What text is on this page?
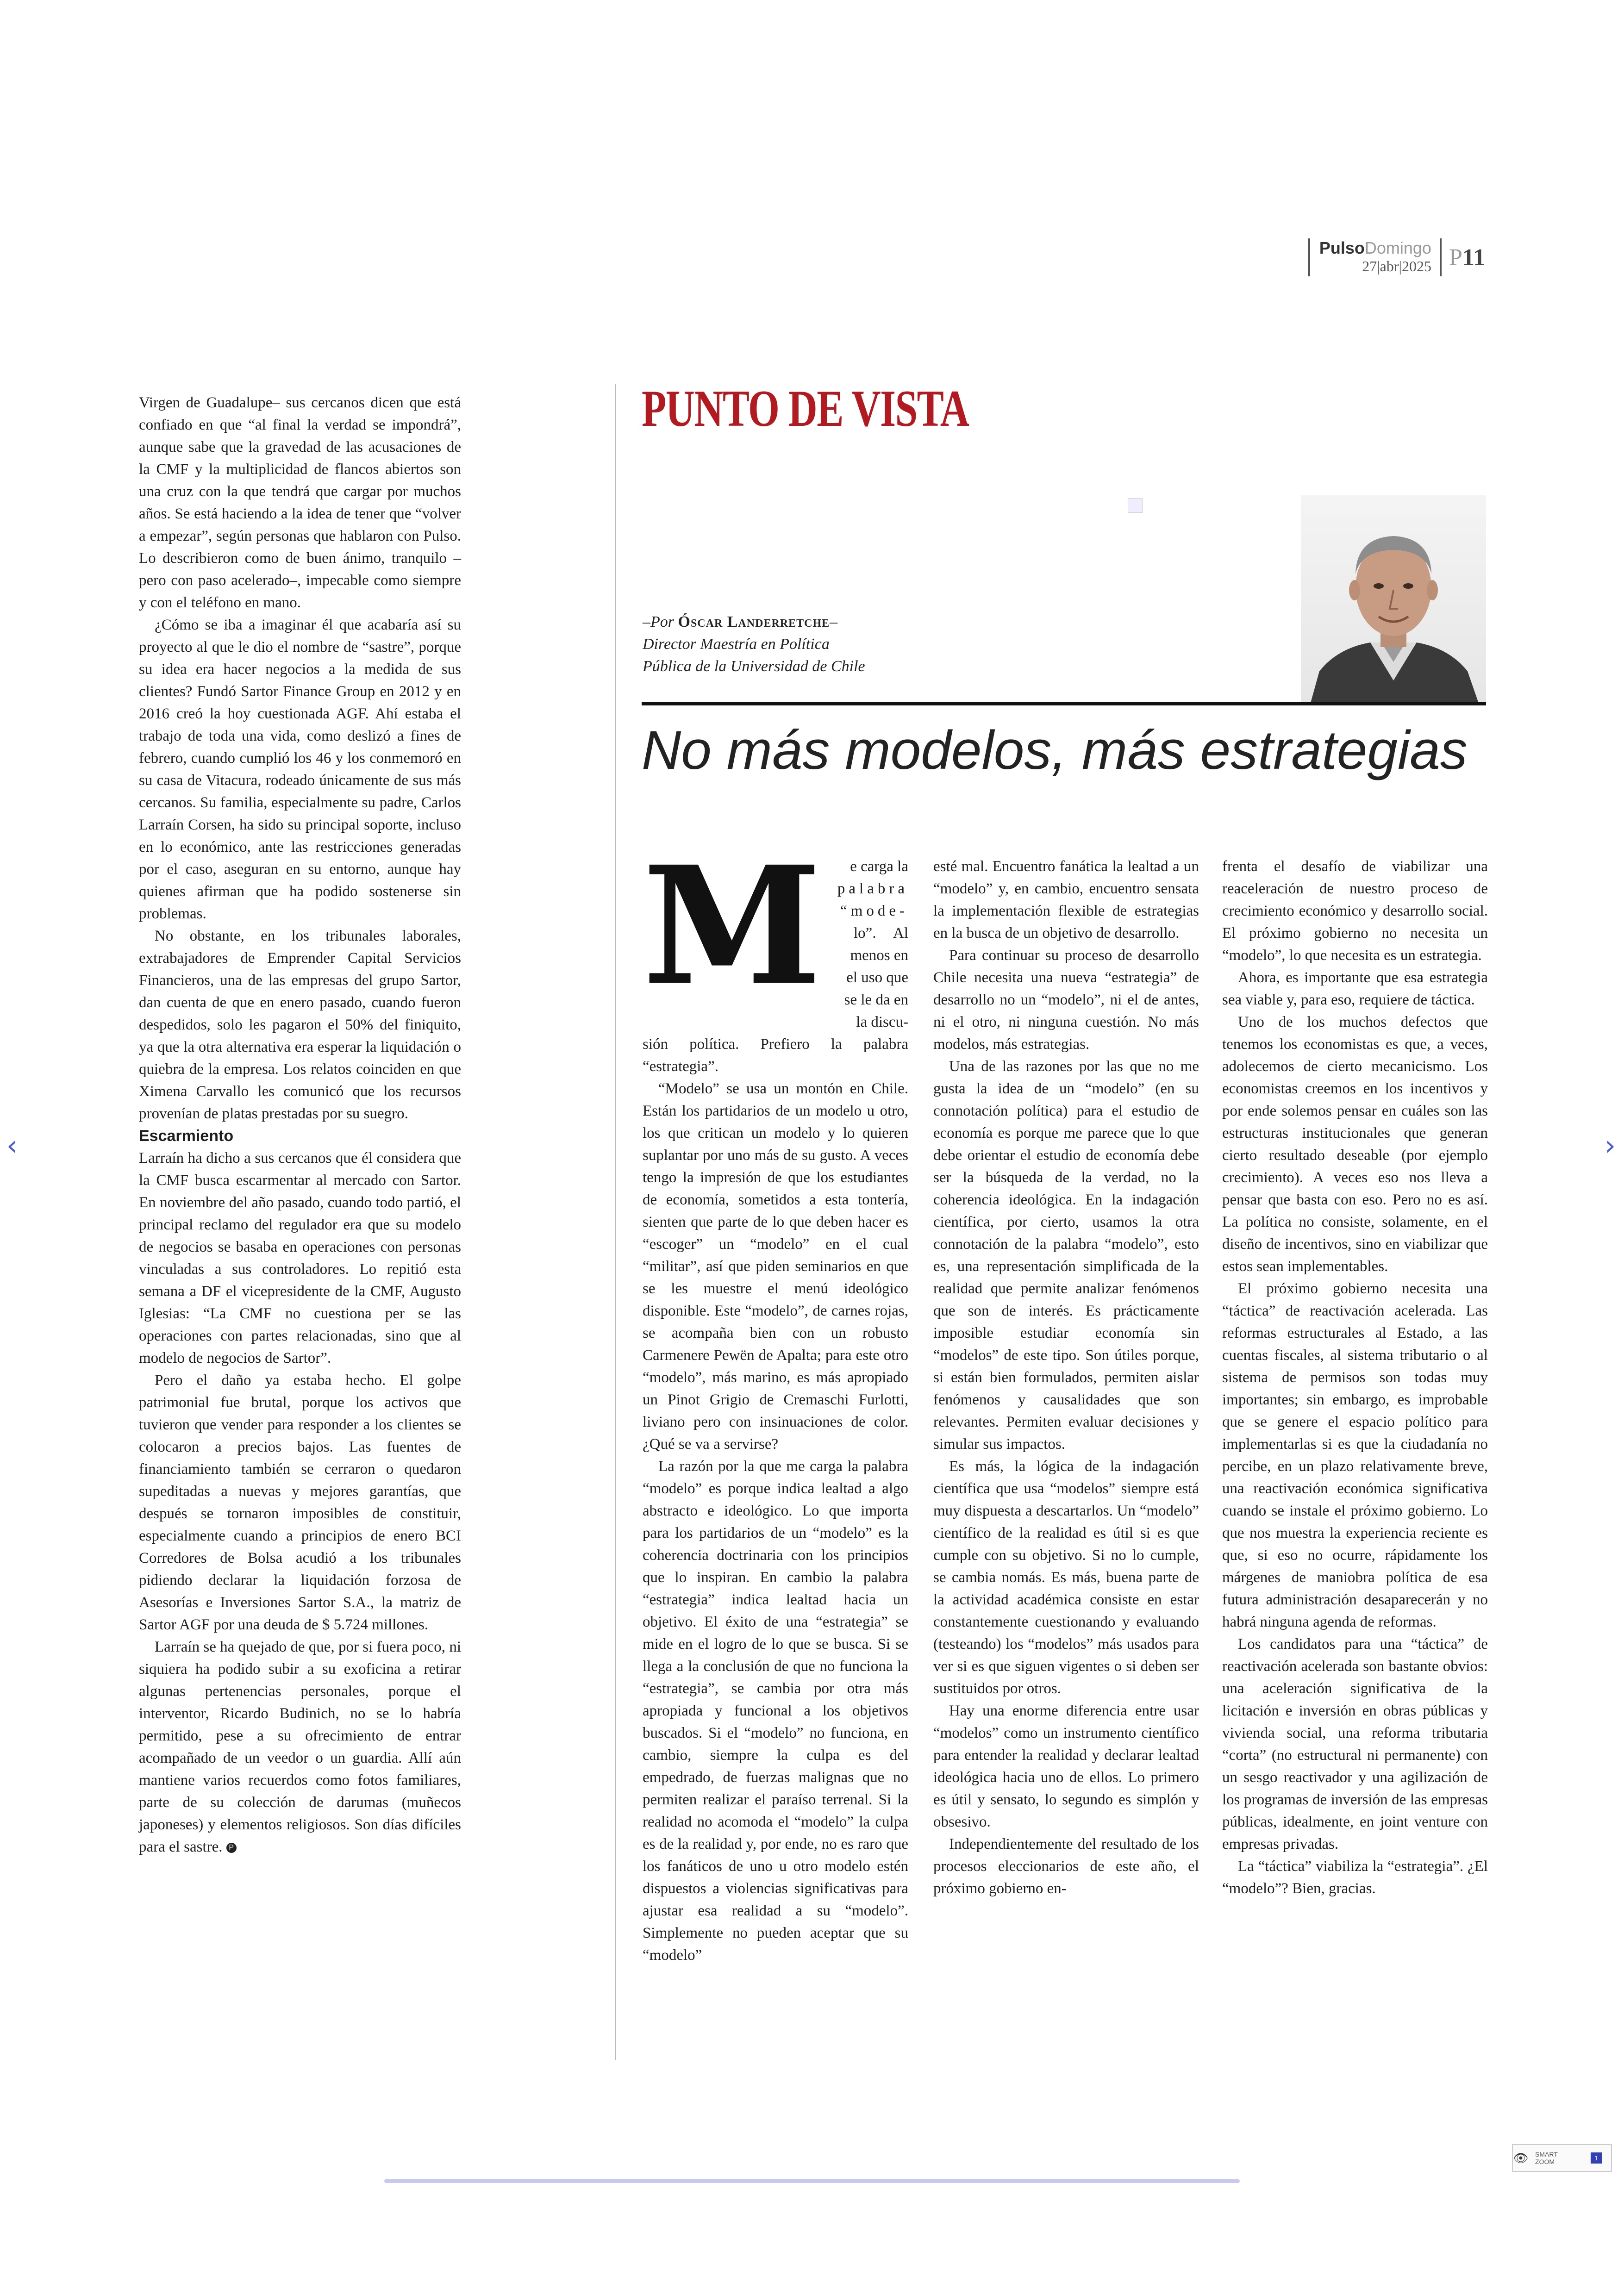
PulsoDomingo
27|abr|2025 P11

Virgen de Guadalupe– sus cercanos dicen que está confiado en que “al final la verdad se impondrá”, aunque sabe que la gravedad de las acusaciones de la CMF y la multiplicidad de flancos abiertos son una cruz con la que tendrá que cargar por muchos años. Se está haciendo a la idea de tener que “volver a empezar”, según personas que hablaron con Pulso. Lo describieron como de buen ánimo, tranquilo –pero con paso acelerado–, impecable como siempre y con el teléfono en mano.

¿Cómo se iba a imaginar él que acabaría así su proyecto al que le dio el nombre de “sastre”, porque su idea era hacer negocios a la medida de sus clientes? Fundó Sartor Finance Group en 2012 y en 2016 creó la hoy cuestionada AGF. Ahí estaba el trabajo de toda una vida, como deslizó a fines de febrero, cuando cumplió los 46 y los conmemoró en su casa de Vitacura, rodeado únicamente de sus más cercanos. Su familia, especialmente su padre, Carlos Larraín Corsen, ha sido su principal soporte, incluso en lo económico, ante las restricciones generadas por el caso, aseguran en su entorno, aunque hay quienes afirman que ha podido sostenerse sin problemas.

No obstante, en los tribunales laborales, extrabajadores de Emprender Capital Servicios Financieros, una de las empresas del grupo Sartor, dan cuenta de que en enero pasado, cuando fueron despedidos, solo les pagaron el 50% del finiquito, ya que la otra alternativa era esperar la liquidación o quiebra de la empresa. Los relatos coinciden en que Ximena Carvallo les comunicó que los recursos provenían de platas prestadas por su suegro.

Escarmiento

Larraín ha dicho a sus cercanos que él considera que la CMF busca escarmentar al mercado con Sartor. En noviembre del año pasado, cuando todo partió, el principal reclamo del regulador era que su modelo de negocios se basaba en operaciones con personas vinculadas a sus controladores. Lo repitió esta semana a DF el vicepresidente de la CMF, Augusto Iglesias: “La CMF no cuestiona per se las operaciones con partes relacionadas, sino que al modelo de negocios de Sartor”.

Pero el daño ya estaba hecho. El golpe patrimonial fue brutal, porque los activos que tuvieron que vender para responder a los clientes se colocaron a precios bajos. Las fuentes de financiamiento también se cerraron o quedaron supeditadas a nuevas y mejores garantías, que después se tornaron imposibles de constituir, especialmente cuando a principios de enero BCI Corredores de Bolsa acudió a los tribunales pidiendo declarar la liquidación forzosa de Asesorías e Inversiones Sartor S.A., la matriz de Sartor AGF por una deuda de $ 5.724 millones.

Larraín se ha quejado de que, por si fuera poco, ni siquiera ha podido subir a su exoficina a retirar algunas pertenencias personales, porque el interventor, Ricardo Budinich, no se lo habría permitido, pese a su ofrecimiento de entrar acompañado de un veedor o un guardia. Allí aún mantiene varios recuerdos como fotos familiares, parte de su colección de darumas (muñecos japoneses) y elementos religiosos. Son días difíciles para el sastre. P

PUNTO DE VISTA
–Por Óscar Landerretche–
Director Maestría en Política
Pública de la Universidad de Chile
No más modelos, más estrategias

M	e carga la
palabra
“mode-
lo”. Al
menos en
el uso que
se le da en
la discu-
sión política. Prefiero la palabra “estrategia”.

“Modelo” se usa un montón en Chile. Están los partidarios de un modelo u otro, los que critican un modelo y lo quieren suplantar por uno más de su gusto. A veces tengo la impresión de que los estudiantes de economía, sometidos a esta tontería, sienten que parte de lo que deben hacer es “escoger” un “modelo” en el cual “militar”, así que piden seminarios en que se les muestre el menú ideológico disponible. Este “modelo”, de carnes rojas, se acompaña bien con un robusto Carmenere Pewën de Apalta; para este otro “modelo”, más marino, es más apropiado un Pinot Grigio de Cremaschi Furlotti, liviano pero con insinuaciones de color. ¿Qué se va a servirse?

La razón por la que me carga la palabra “modelo” es porque indica lealtad a algo abstracto e ideológico. Lo que importa para los partidarios de un “modelo” es la coherencia doctrinaria con los principios que lo inspiran. En cambio la palabra “estrategia” indica lealtad hacia un objetivo. El éxito de una “estrategia” se mide en el logro de lo que se busca. Si se llega a la conclusión de que no funciona la “estrategia”, se cambia por otra más apropiada y funcional a los objetivos buscados. Si el “modelo” no funciona, en cambio, siempre la culpa es del empedrado, de fuerzas malignas que no permiten realizar el paraíso terrenal. Si la realidad no acomoda el “modelo” la culpa es de la realidad y, por ende, no es raro que los fanáticos de uno u otro modelo estén dispuestos a violencias significativas para ajustar esa realidad a su “modelo”. Simplemente no pueden aceptar que su “modelo”

esté mal. Encuentro fanática la lealtad a un “modelo” y, en cambio, encuentro sensata la implementación flexible de estrategias en la busca de un objetivo de desarrollo.

Para continuar su proceso de desarrollo Chile necesita una nueva “estrategia” de desarrollo no un “modelo”, ni el de antes, ni el otro, ni ninguna cuestión. No más modelos, más estrategias.

Una de las razones por las que no me gusta la idea de un “modelo” (en su connotación política) para el estudio de economía es porque me parece que lo que debe orientar el estudio de economía debe ser la búsqueda de la verdad, no la coherencia ideológica. En la indagación científica, por cierto, usamos la otra connotación de la palabra “modelo”, esto es, una representación simplificada de la realidad que permite analizar fenómenos que son de interés. Es prácticamente imposible estudiar economía sin “modelos” de este tipo. Son útiles porque, si están bien formulados, permiten aislar fenómenos y causalidades que son relevantes. Permiten evaluar decisiones y simular sus impactos.

Es más, la lógica de la indagación científica que usa “modelos” siempre está muy dispuesta a descartarlos. Un “modelo” científico de la realidad es útil si es que cumple con su objetivo. Si no lo cumple, se cambia nomás. Es más, buena parte de la actividad académica consiste en estar constantemente cuestionando y evaluando (testeando) los “modelos” más usados para ver si es que siguen vigentes o si deben ser sustituidos por otros.

Hay una enorme diferencia entre usar “modelos” como un instrumento científico para entender la realidad y declarar lealtad ideológica hacia uno de ellos. Lo primero es útil y sensato, lo segundo es simplón y obsesivo.

Independientemente del resultado de los procesos eleccionarios de este año, el próximo gobierno en-

frenta el desafío de viabilizar una reaceleración de nuestro proceso de crecimiento económico y desarrollo social. El próximo gobierno no necesita un “modelo”, lo que necesita es un estrategia.

Ahora, es importante que esa estrategia sea viable y, para eso, requiere de táctica.

Uno de los muchos defectos que tenemos los economistas es que, a veces, adolecemos de cierto mecanicismo. Los economistas creemos en los incentivos y por ende solemos pensar en cuáles son las estructuras institucionales que generan cierto resultado deseable (por ejemplo crecimiento). A veces eso nos lleva a pensar que basta con eso. Pero no es así. La política no consiste, solamente, en el diseño de incentivos, sino en viabilizar que estos sean implementables.

El próximo gobierno necesita una “táctica” de reactivación acelerada. Las reformas estructurales al Estado, a las cuentas fiscales, al sistema tributario o al sistema de permisos son todas muy importantes; sin embargo, es improbable que se genere el espacio político para implementarlas si es que la ciudadanía no percibe, en un plazo relativamente breve, una reactivación económica significativa cuando se instale el próximo gobierno. Lo que nos muestra la experiencia reciente es que, si eso no ocurre, rápidamente los márgenes de maniobra política de esa futura administración desaparecerán y no habrá ninguna agenda de reformas.

Los candidatos para una “táctica” de reactivación acelerada son bastante obvios: una aceleración significativa de la licitación e inversión en obras públicas y vivienda social, una reforma tributaria “corta” (no estructural ni permanente) con un sesgo reactivador y una agilización de los programas de inversión de las empresas públicas, idealmente, en joint venture con empresas privadas.

La “táctica” viabiliza la “estrategia”. ¿El “modelo”? Bien, gracias.

‹	›
👁 SMART
ZOOM	1
